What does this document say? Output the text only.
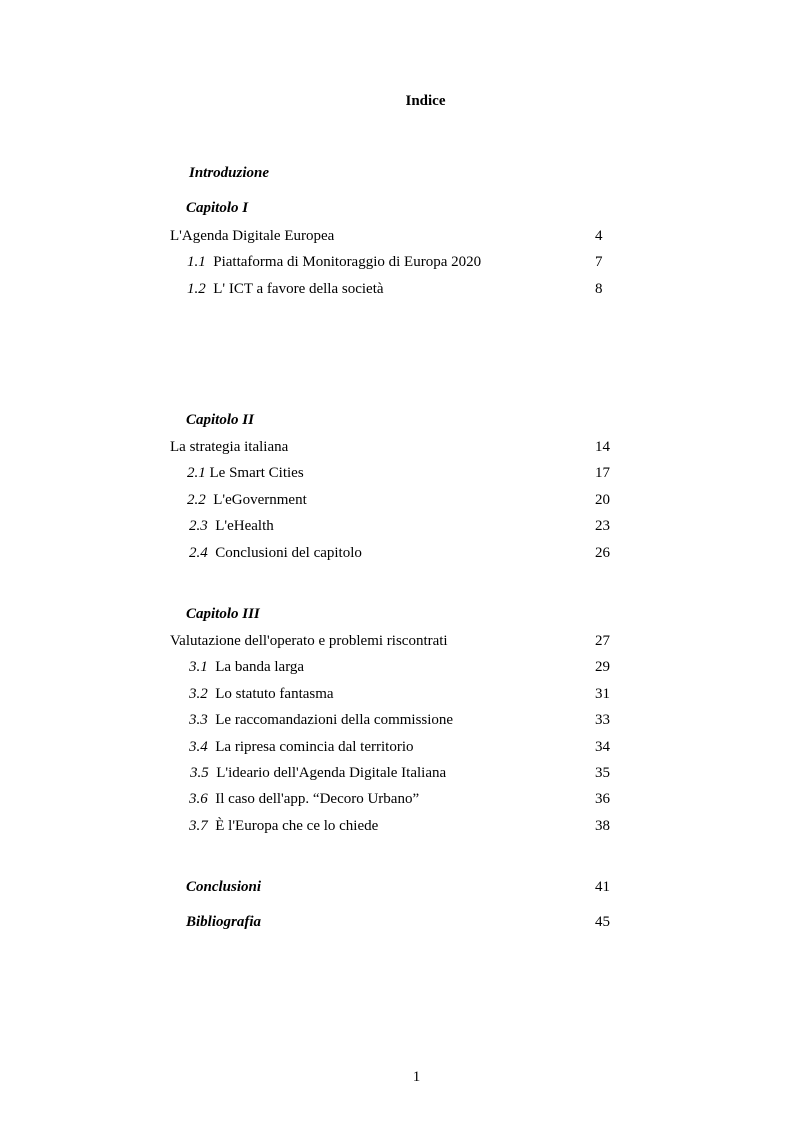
Indice
Introduzione
Capitolo I
L'Agenda Digitale Europea	4
1.1 Piattaforma di Monitoraggio di Europa 2020	7
1.2 L' ICT a favore della società	8
Capitolo II
La strategia italiana	14
2.1 Le Smart Cities	17
2.2 L'eGovernment	20
2.3 L'eHealth	23
2.4 Conclusioni del capitolo	26
Capitolo III
Valutazione dell'operato e problemi riscontrati	27
3.1 La banda larga	29
3.2 Lo statuto fantasma	31
3.3 Le raccomandazioni della commissione	33
3.4 La ripresa comincia dal territorio	34
3.5 L'ideario dell'Agenda Digitale Italiana	35
3.6 Il caso dell'app. “Decoro Urbano”	36
3.7 È l'Europa che ce lo chiede	38
Conclusioni	41
Bibliografia	45
1
